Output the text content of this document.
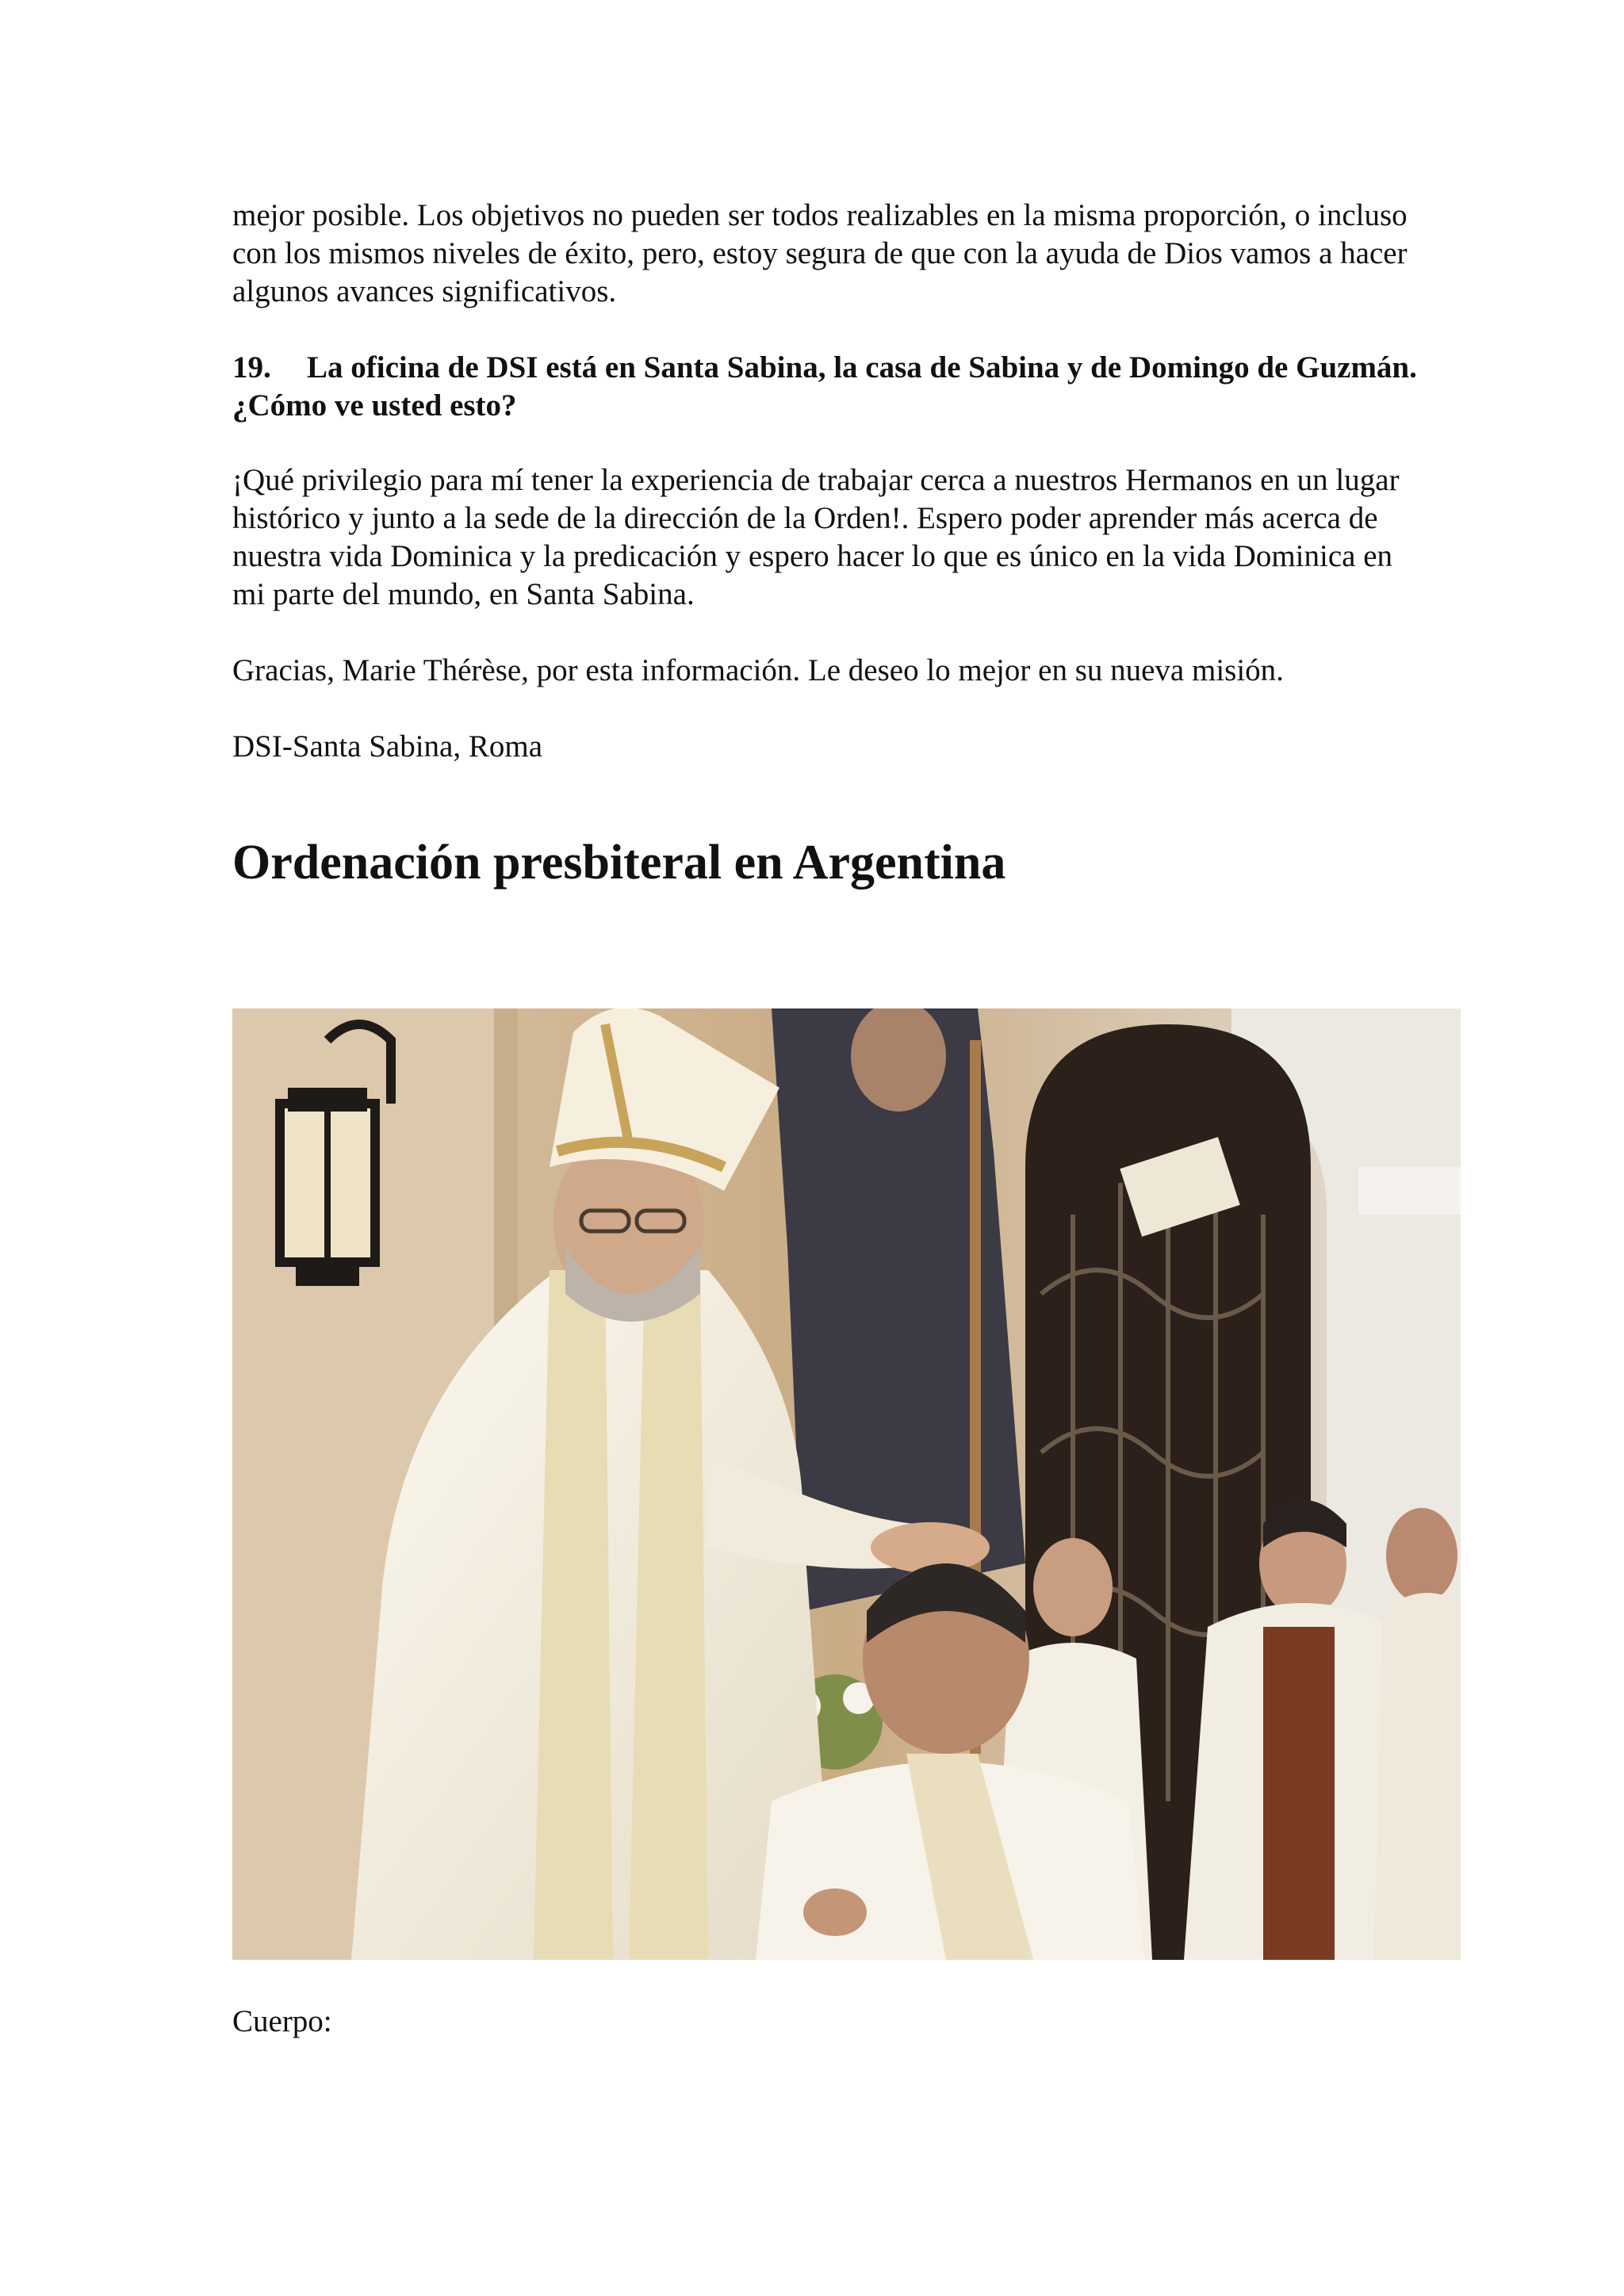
mejor posible. Los objetivos no pueden ser todos realizables en la misma proporción, o incluso con los mismos niveles de éxito, pero, estoy segura de que con la ayuda de Dios vamos a hacer algunos avances significativos.

19. La oficina de DSI está en Santa Sabina, la casa de Sabina y de Domingo de Guzmán. ¿Cómo ve usted esto?

¡Qué privilegio para mí tener la experiencia de trabajar cerca a nuestros Hermanos en un lugar histórico y junto a la sede de la dirección de la Orden!. Espero poder aprender más acerca de nuestra vida Dominica y la predicación y espero hacer lo que es único en la vida Dominica en mi parte del mundo, en Santa Sabina.

Gracias, Marie Thérèse, por esta información. Le deseo lo mejor en su nueva misión.

DSI-Santa Sabina, Roma

Ordenación presbiteral en Argentina

Cuerpo:
